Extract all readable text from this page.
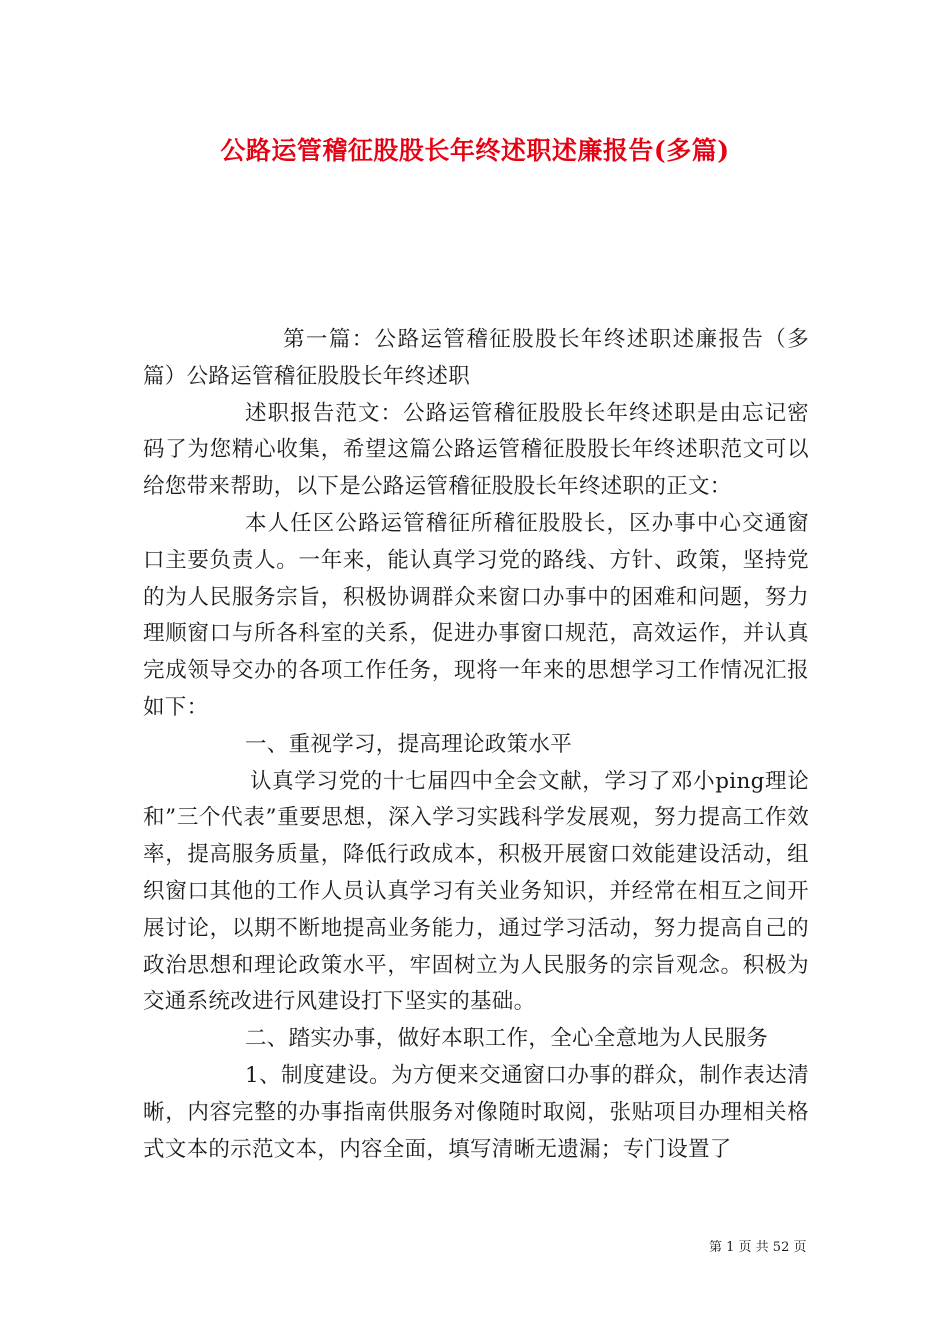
公路运管稽征股股长年终述职述廉报告(多篇)

第一篇：公路运管稽征股股长年终述职述廉报告（多篇）公路运管稽征股股长年终述职

述职报告范文：公路运管稽征股股长年终述职是由忘记密码了为您精心收集，希望这篇公路运管稽征股股长年终述职范文可以给您带来帮助，以下是公路运管稽征股股长年终述职的正文：

本人任区公路运管稽征所稽征股股长，区办事中心交通窗口主要负责人。一年来，能认真学习党的路线、方针、政策，坚持党的为人民服务宗旨，积极协调群众来窗口办事中的困难和问题，努力理顺窗口与所各科室的关系，促进办事窗口规范，高效运作，并认真完成领导交办的各项工作任务，现将一年来的思想学习工作情况汇报如下：

一、重视学习，提高理论政策水平

认真学习党的十七届四中全会文献，学习了邓小ping理论和”三个代表”重要思想，深入学习实践科学发展观，努力提高工作效率，提高服务质量，降低行政成本，积极开展窗口效能建设活动，组织窗口其他的工作人员认真学习有关业务知识，并经常在相互之间开展讨论，以期不断地提高业务能力，通过学习活动，努力提高自己的政治思想和理论政策水平，牢固树立为人民服务的宗旨观念。积极为交通系统改进行风建设打下坚实的基础。

二、踏实办事，做好本职工作，全心全意地为人民服务

1、制度建设。为方便来交通窗口办事的群众，制作表达清晰，内容完整的办事指南供服务对像随时取阅，张贴项目办理相关格式文本的示范文本，内容全面，填写清晰无遗漏；专门设置了

第 1 页 共 52 页
